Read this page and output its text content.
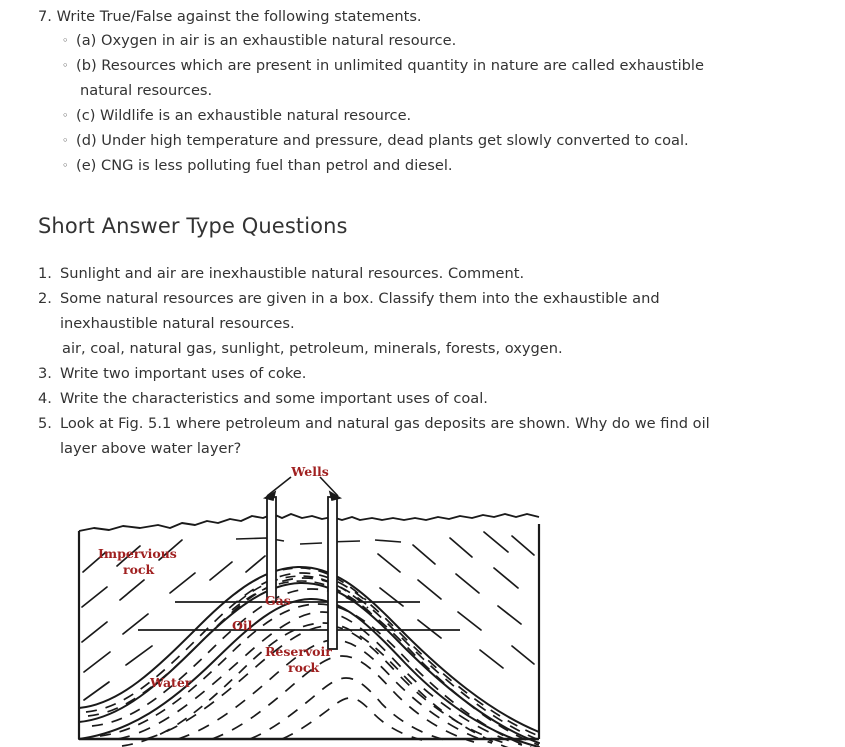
7. Write True/False against the following statements.
◦ (a) Oxygen in air is an exhaustible natural resource.
◦ (b) Resources which are present in unlimited quantity in nature are called exhaustible
natural resources.
◦ (c) Wildlife is an exhaustible natural resource.
◦ (d) Under high temperature and pressure, dead plants get slowly converted to coal.
◦ (e) CNG is less polluting fuel than petrol and diesel.
Short Answer Type Questions
1. Sunlight and air are inexhaustible natural resources. Comment.
2. Some natural resources are given in a box. Classify them into the exhaustible and
inexhaustible natural resources.
air, coal, natural gas, sunlight, petroleum, minerals, forests, oxygen.
3. Write two important uses of coke.
4. Write the characteristics and some important uses of coal.
5. Look at Fig. 5.1 where petroleum and natural gas deposits are shown. Why do we find oil
layer above water layer?
Wells
Impervious
rock
Gas
Oil
Reservoir
rock
Water
